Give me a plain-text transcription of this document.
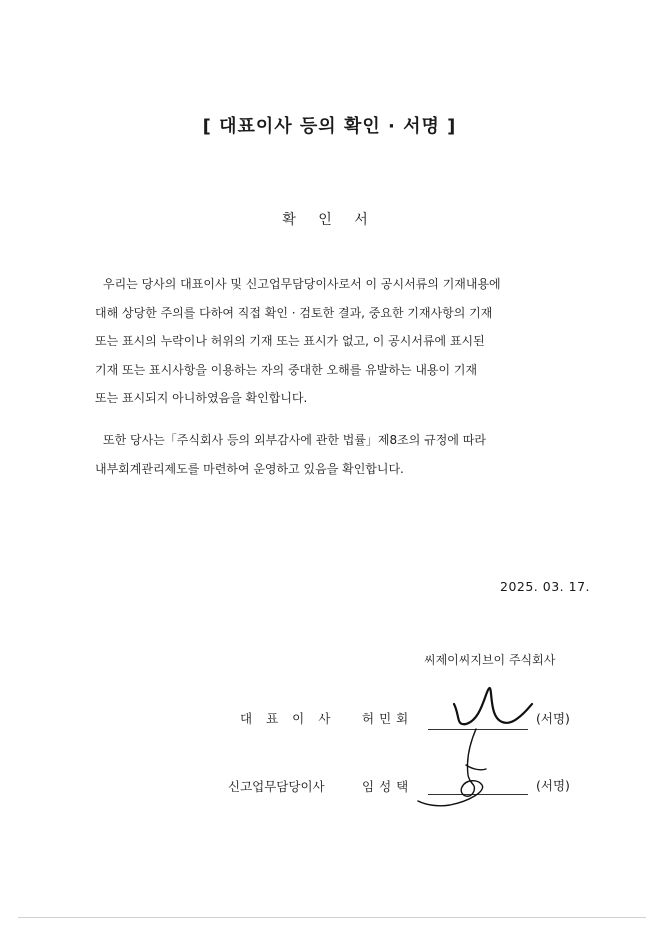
[ 대표이사 등의 확인 · 서명 ]
확 인 서
우리는 당사의 대표이사 및 신고업무담당이사로서 이 공시서류의 기재내용에
대해 상당한 주의를 다하여 직접 확인 · 검토한 결과, 중요한 기재사항의 기재
또는 표시의 누락이나 허위의 기재 또는 표시가 없고, 이 공시서류에 표시된
기재 또는 표시사항을 이용하는 자의 중대한 오해를 유발하는 내용이 기재
또는 표시되지 아니하였음을 확인합니다.
또한 당사는「주식회사 등의 외부감사에 관한 법률」제8조의 규정에 따라
내부회계관리제도를 마련하여 운영하고 있음을 확인합니다.
2025. 03. 17.
씨제이씨지브이 주식회사
대표이사 허민회	(서명)
신고업무담당이사	임성택	(서명)
